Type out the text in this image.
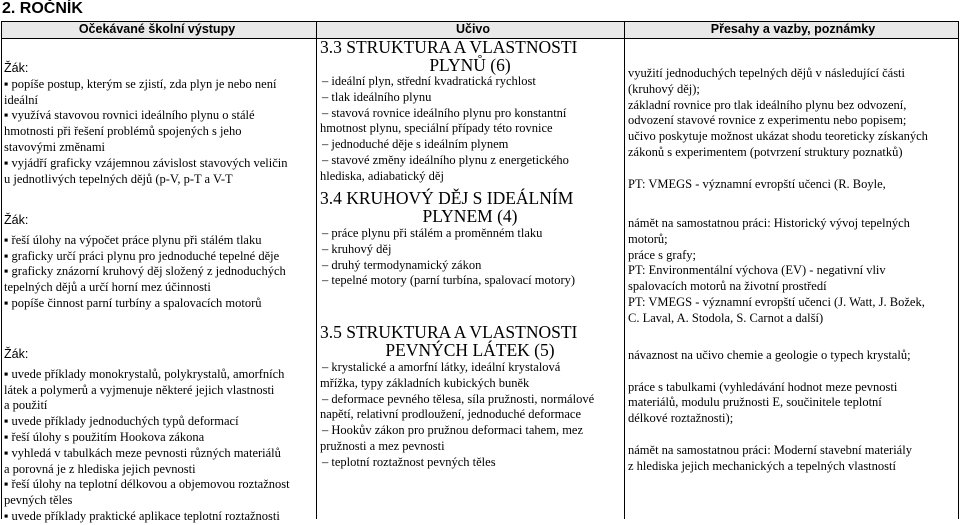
2. ROČNÍK
Očekávané školní výstupy	Učivo	Přesahy a vazby, poznámky

Žák:

▪ popíše postup, kterým se zjistí, zda plyn je nebo není

ideální

▪ využívá stavovou rovnici ideálního plynu o stálé

hmotnosti při řešení problémů spojených s jeho

stavovými změnami

▪ vyjádří graficky vzájemnou závislost stavových veličin

u jednotlivých tepelných dějů (p-V, p-T a V-T

Žák:

▪ řeší úlohy na výpočet práce plynu při stálém tlaku

▪ graficky určí práci plynu pro jednoduché tepelné děje

▪ graficky znázorní kruhový děj složený z jednoduchých

tepelných dějů a určí horní mez účinnosti

▪ popíše činnost parní turbíny a spalovacích motorů

Žák:

▪ uvede příklady monokrystalů, polykrystalů, amorfních

látek a polymerů a vyjmenuje některé jejich vlastnosti

a použití

▪ uvede příklady jednoduchých typů deformací

▪ řeší úlohy s použitím Hookova zákona

▪ vyhledá v tabulkách meze pevnosti různých materiálů

a porovná je z hlediska jejich pevnosti

▪ řeší úlohy na teplotní délkovou a objemovou roztažnost

pevných těles

▪ uvede příklady praktické aplikace teplotní roztažnosti

3.3 STRUKTURA A VLASTNOSTI

PLYNŮ (6)

– ideální plyn, střední kvadratická rychlost

– tlak ideálního plynu

– stavová rovnice ideálního plynu pro konstantní

hmotnost plynu, speciální případy této rovnice

– jednoduché děje s ideálním plynem

– stavové změny ideálního plynu z energetického

hlediska, adiabatický děj

3.4 KRUHOVÝ DĚJ S IDEÁLNÍM

PLYNEM (4)

– práce plynu při stálém a proměnném tlaku

– kruhový děj

– druhý termodynamický zákon

– tepelné motory (parní turbína, spalovací motory)

3.5 STRUKTURA A VLASTNOSTI

PEVNÝCH LÁTEK (5)

– krystalické a amorfní látky, ideální krystalová

mřížka, typy základních kubických buněk

– deformace pevného tělesa, síla pružnosti, normálové

napětí, relativní prodloužení, jednoduché deformace

– Hookův zákon pro pružnou deformaci tahem, mez

pružnosti a mez pevnosti

– teplotní roztažnost pevných těles

využití jednoduchých tepelných dějů v následující části

(kruhový děj);

základní rovnice pro tlak ideálního plynu bez odvození,

odvození stavové rovnice z experimentu nebo popisem;

učivo poskytuje možnost ukázat shodu teoreticky získaných

zákonů s experimentem (potvrzení struktury poznatků)

PT: VMEGS - významní evropští učenci (R. Boyle,

námět na samostatnou práci: Historický vývoj tepelných

motorů;

práce s grafy;

PT: Environmentální výchova (EV) - negativní vliv

spalovacích motorů na životní prostředí

PT: VMEGS - významní evropští učenci (J. Watt, J. Božek,

C. Laval, A. Stodola, S. Carnot a další)

návaznost na učivo chemie a geologie o typech krystalů;

práce s tabulkami (vyhledávání hodnot meze pevnosti

materiálů, modulu pružnosti E, součinitele teplotní

délkové roztažnosti);

námět na samostatnou práci: Moderní stavební materiály

z hlediska jejich mechanických a tepelných vlastností
